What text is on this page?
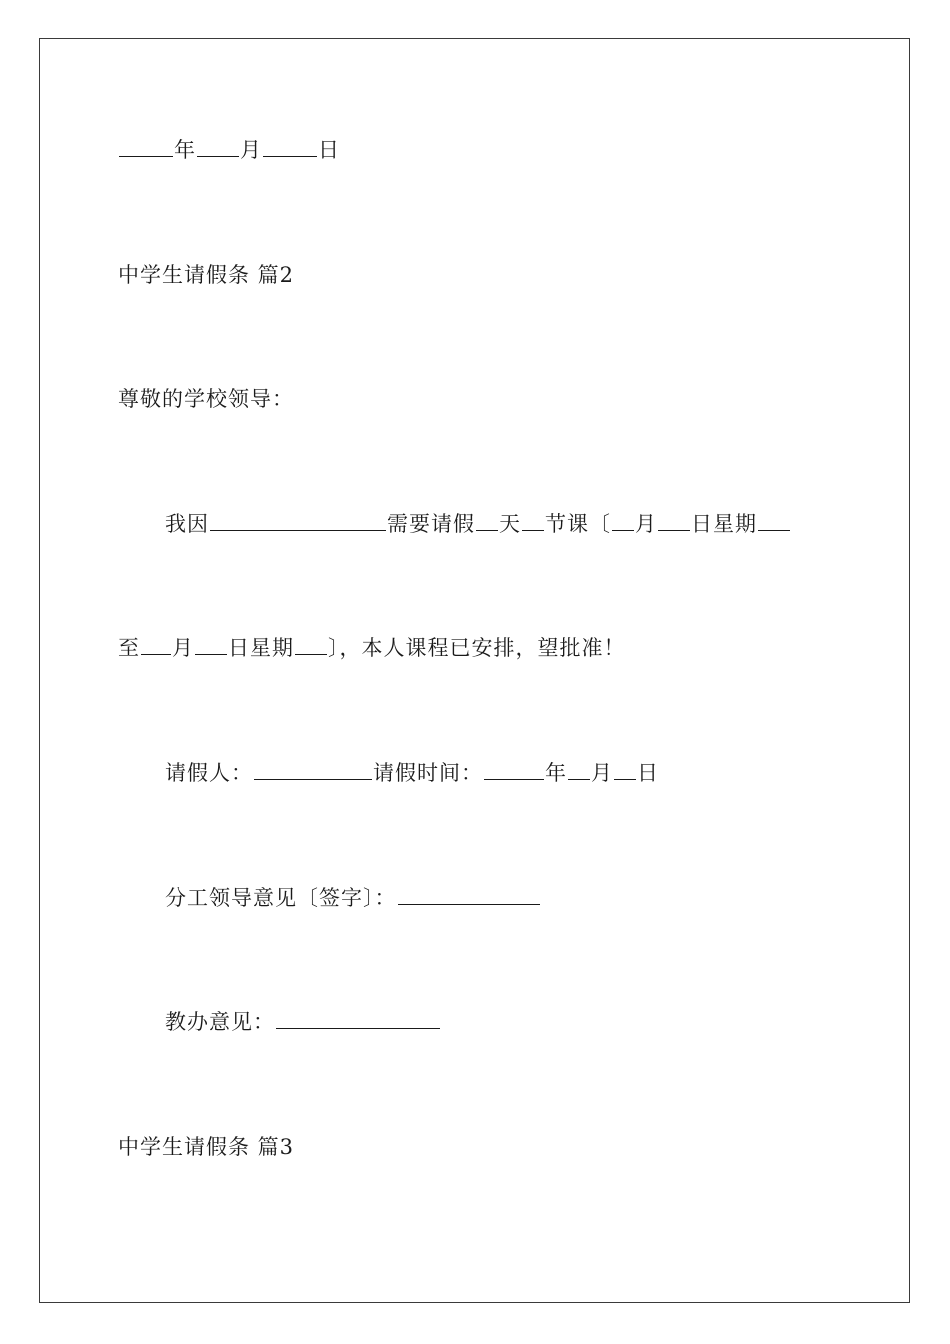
年 月	日
中学生请假条 篇2
尊敬的学校领导：
我因	需要请假 天 节课〔 月 日星期
至 月 日星期 〕，本人课程已安排，望批准！
请假人：	请假时间：	年 月 日
分工领导意见〔签字〕：
教办意见：
中学生请假条 篇3
